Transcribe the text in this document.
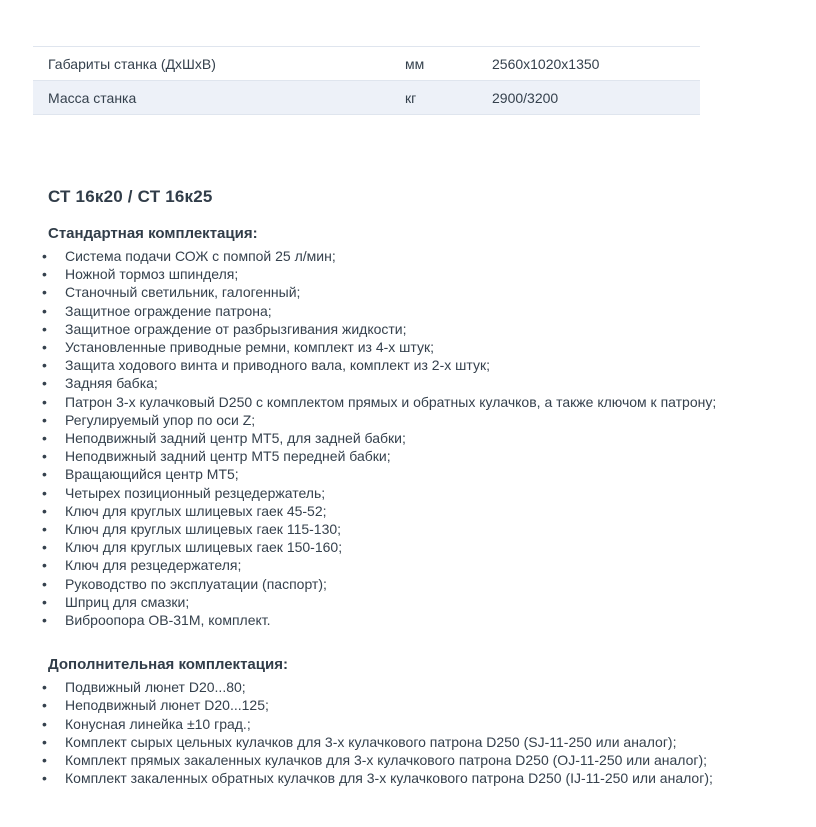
Габариты станка (ДхШхВ)	мм	2560х1020х1350
Масса станка	кг	2900/3200
СТ 16к20 / СТ 16к25
Стандартная комплектация:
• Система подачи СОЖ с помпой 25 л/мин;
• Ножной тормоз шпинделя;
• Станочный светильник, галогенный;
• Защитное ограждение патрона;
• Защитное ограждение от разбрызгивания жидкости;
• Установленные приводные ремни, комплект из 4-х штук;
• Защита ходового винта и приводного вала, комплект из 2-х штук;
• Задняя бабка;
• Патрон 3-х кулачковый D250 с комплектом прямых и обратных кулачков, а также ключом к патрону;
• Регулируемый упор по оси Z;
• Неподвижный задний центр МТ5, для задней бабки;
• Неподвижный задний центр МТ5 передней бабки;
• Вращающийся центр МТ5;
• Четырех позиционный резцедержатель;
• Ключ для круглых шлицевых гаек 45-52;
• Ключ для круглых шлицевых гаек 115-130;
• Ключ для круглых шлицевых гаек 150-160;
• Ключ для резцедержателя;
• Руководство по эксплуатации (паспорт);
• Шприц для смазки;
• Виброопора ОВ-31М, комплект.
Дополнительная комплектация:
• Подвижный люнет D20...80;
• Неподвижный люнет D20...125;
• Конусная линейка ±10 град.;
• Комплект сырых цельных кулачков для 3-х кулачкового патрона D250 (SJ-11-250 или аналог);
• Комплект прямых закаленных кулачков для 3-х кулачкового патрона D250 (OJ-11-250 или аналог);
• Комплект закаленных обратных кулачков для 3-х кулачкового патрона D250 (IJ-11-250 или аналог);
